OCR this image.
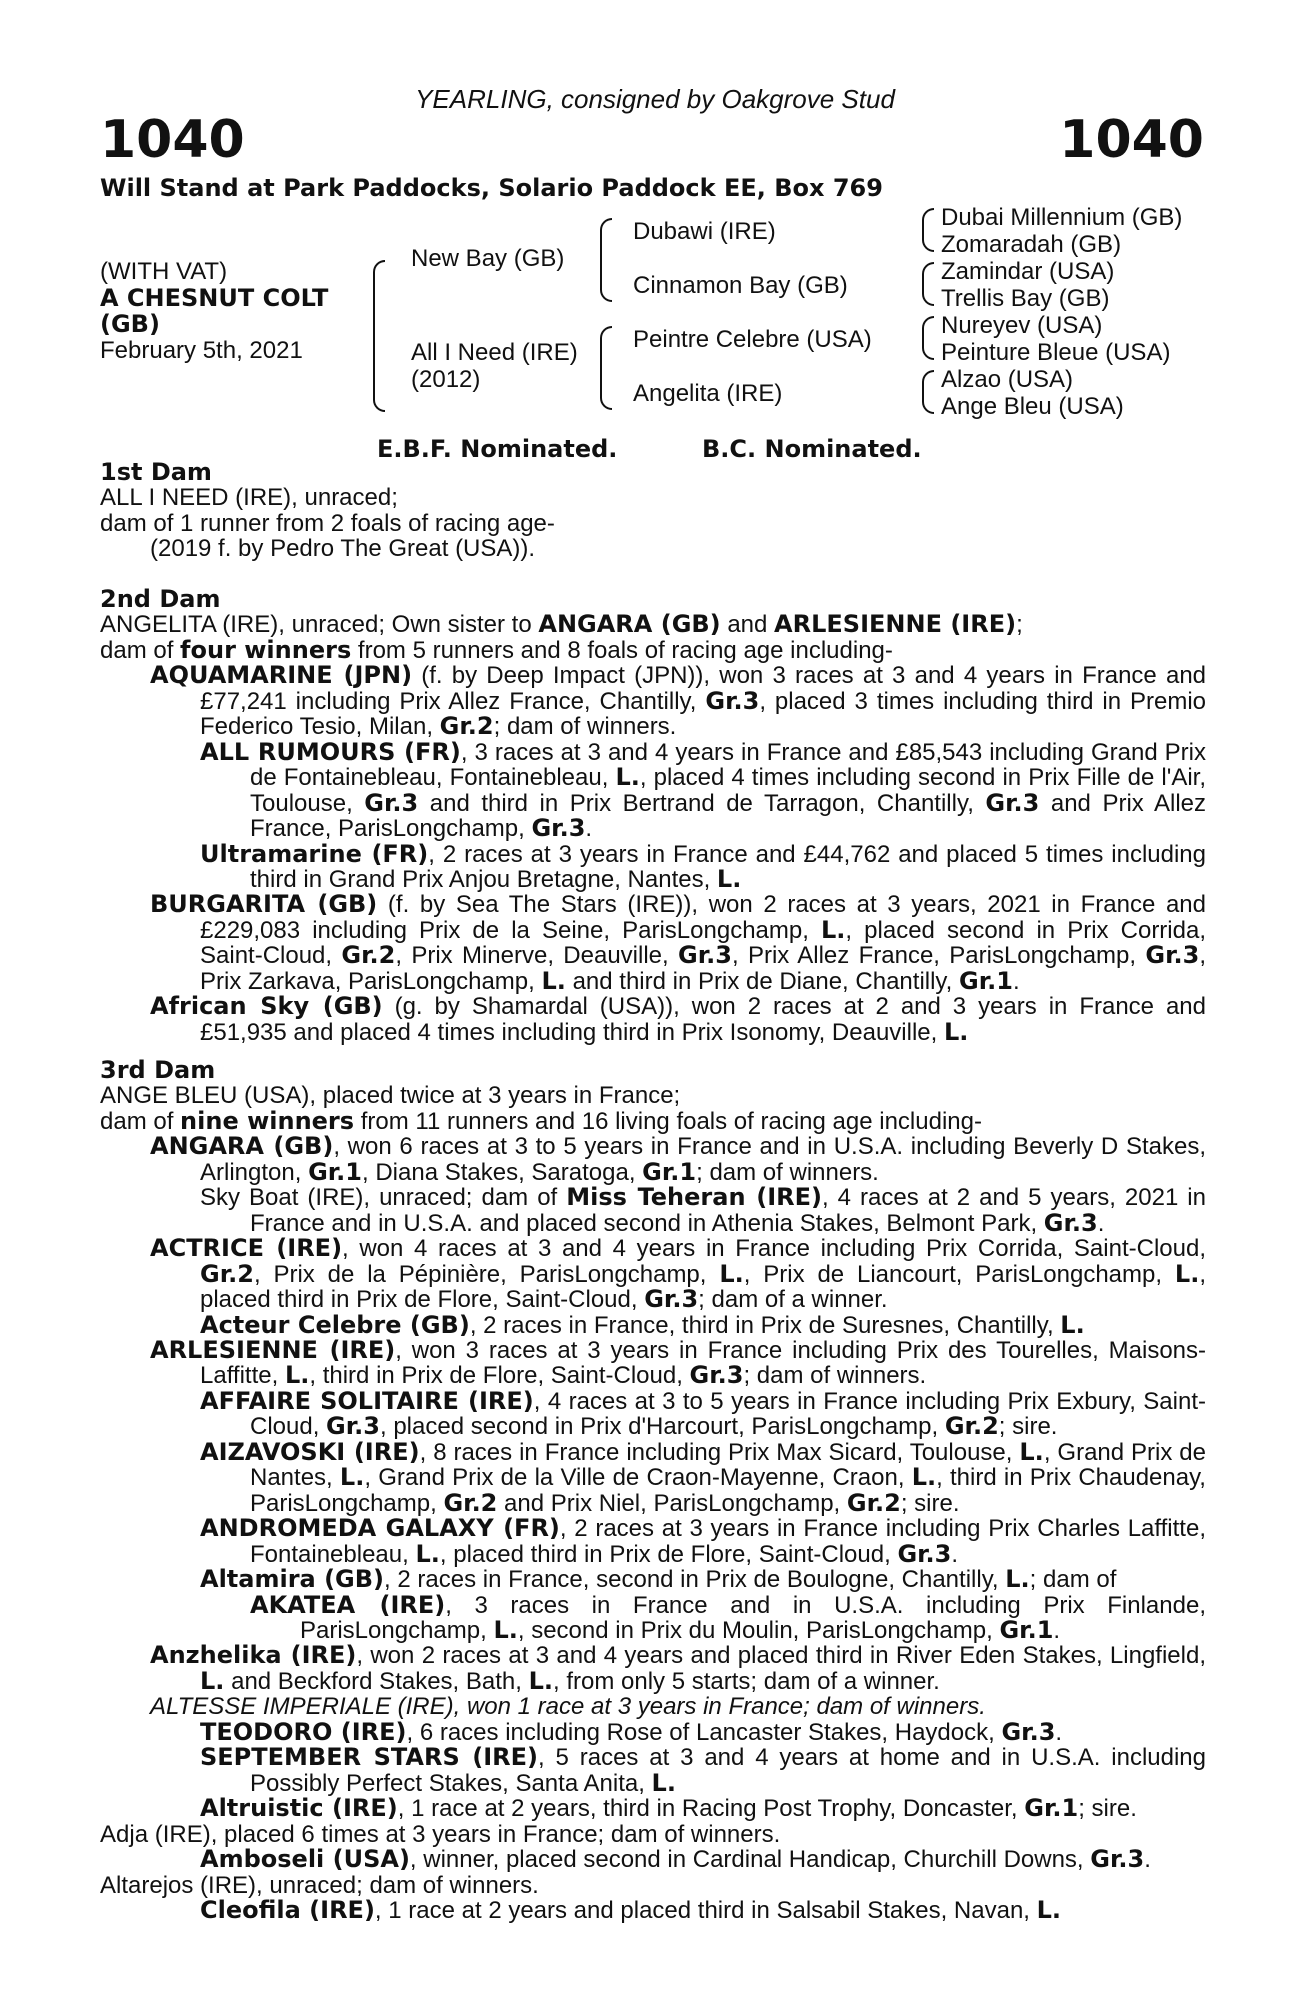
YEARLING, consigned by Oakgrove Stud
1040	1040
Will Stand at Park Paddocks, Solario Paddock EE, Box 769
(WITH VAT)
A CHESNUT COLT
(GB)
February 5th, 2021
New Bay (GB)
All I Need (IRE)
(2012)
Dubawi (IRE)
Cinnamon Bay (GB)
Peintre Celebre (USA)
Angelita (IRE)
Dubai Millennium (GB)
Zomaradah (GB)
Zamindar (USA)
Trellis Bay (GB)
Nureyev (USA)
Peinture Bleue (USA)
Alzao (USA)
Ange Bleu (USA)
E.B.F. Nominated.	B.C. Nominated.

1st Dam

ALL I NEED (IRE), unraced;

dam of 1 runner from 2 foals of racing age-

(2019 f. by Pedro The Great (USA)).

2nd Dam

ANGELITA (IRE), unraced; Own sister to ANGARA (GB) and ARLESIENNE (IRE);

dam of four winners from 5 runners and 8 foals of racing age including-

AQUAMARINE (JPN) (f. by Deep Impact (JPN)), won 3 races at 3 and 4 years in France and £77,241 including Prix Allez France, Chantilly, Gr.3, placed 3 times including third in Premio Federico Tesio, Milan, Gr.2; dam of winners.

ALL RUMOURS (FR), 3 races at 3 and 4 years in France and £85,543 including Grand Prix de Fontainebleau, Fontainebleau, L., placed 4 times including second in Prix Fille de l'Air, Toulouse, Gr.3 and third in Prix Bertrand de Tarragon, Chantilly, Gr.3 and Prix Allez France, ParisLongchamp, Gr.3.

Ultramarine (FR), 2 races at 3 years in France and £44,762 and placed 5 times including third in Grand Prix Anjou Bretagne, Nantes, L.

BURGARITA (GB) (f. by Sea The Stars (IRE)), won 2 races at 3 years, 2021 in France and £229,083 including Prix de la Seine, ParisLongchamp, L., placed second in Prix Corrida, Saint-Cloud, Gr.2, Prix Minerve, Deauville, Gr.3, Prix Allez France, ParisLongchamp, Gr.3, Prix Zarkava, ParisLongchamp, L. and third in Prix de Diane, Chantilly, Gr.1.

African Sky (GB) (g. by Shamardal (USA)), won 2 races at 2 and 3 years in France and £51,935 and placed 4 times including third in Prix Isonomy, Deauville, L.

3rd Dam

ANGE BLEU (USA), placed twice at 3 years in France;

dam of nine winners from 11 runners and 16 living foals of racing age including-

ANGARA (GB), won 6 races at 3 to 5 years in France and in U.S.A. including Beverly D Stakes, Arlington, Gr.1, Diana Stakes, Saratoga, Gr.1; dam of winners.

Sky Boat (IRE), unraced; dam of Miss Teheran (IRE), 4 races at 2 and 5 years, 2021 in France and in U.S.A. and placed second in Athenia Stakes, Belmont Park, Gr.3.

ACTRICE (IRE), won 4 races at 3 and 4 years in France including Prix Corrida, Saint-Cloud, Gr.2, Prix de la Pépinière, ParisLongchamp, L., Prix de Liancourt, ParisLongchamp, L., placed third in Prix de Flore, Saint-Cloud, Gr.3; dam of a winner.

Acteur Celebre (GB), 2 races in France, third in Prix de Suresnes, Chantilly, L.

ARLESIENNE (IRE), won 3 races at 3 years in France including Prix des Tourelles, Maisons-Laffitte, L., third in Prix de Flore, Saint-Cloud, Gr.3; dam of winners.

AFFAIRE SOLITAIRE (IRE), 4 races at 3 to 5 years in France including Prix Exbury, Saint-Cloud, Gr.3, placed second in Prix d'Harcourt, ParisLongchamp, Gr.2; sire.

AIZAVOSKI (IRE), 8 races in France including Prix Max Sicard, Toulouse, L., Grand Prix de Nantes, L., Grand Prix de la Ville de Craon-Mayenne, Craon, L., third in Prix Chaudenay, ParisLongchamp, Gr.2 and Prix Niel, ParisLongchamp, Gr.2; sire.

ANDROMEDA GALAXY (FR), 2 races at 3 years in France including Prix Charles Laffitte, Fontainebleau, L., placed third in Prix de Flore, Saint-Cloud, Gr.3.

Altamira (GB), 2 races in France, second in Prix de Boulogne, Chantilly, L.; dam of

AKATEA (IRE), 3 races in France and in U.S.A. including Prix Finlande, ParisLongchamp, L., second in Prix du Moulin, ParisLongchamp, Gr.1.

Anzhelika (IRE), won 2 races at 3 and 4 years and placed third in River Eden Stakes, Lingfield, L. and Beckford Stakes, Bath, L., from only 5 starts; dam of a winner.

ALTESSE IMPERIALE (IRE), won 1 race at 3 years in France; dam of winners.

TEODORO (IRE), 6 races including Rose of Lancaster Stakes, Haydock, Gr.3.

SEPTEMBER STARS (IRE), 5 races at 3 and 4 years at home and in U.S.A. including Possibly Perfect Stakes, Santa Anita, L.

Altruistic (IRE), 1 race at 2 years, third in Racing Post Trophy, Doncaster, Gr.1; sire.

Adja (IRE), placed 6 times at 3 years in France; dam of winners.

Amboseli (USA), winner, placed second in Cardinal Handicap, Churchill Downs, Gr.3.

Altarejos (IRE), unraced; dam of winners.

Cleofila (IRE), 1 race at 2 years and placed third in Salsabil Stakes, Navan, L.
